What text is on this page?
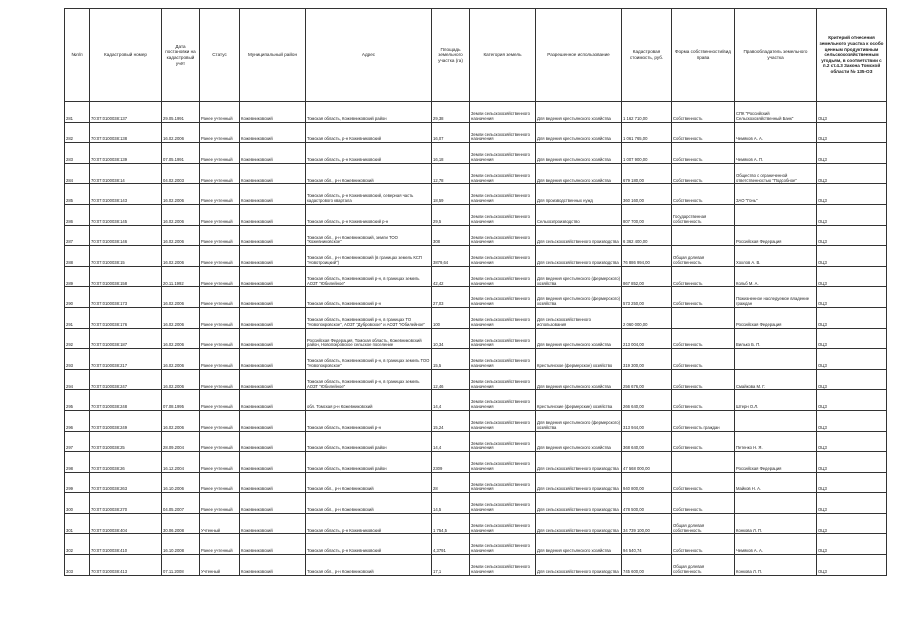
№п/п	Кадастровый номер	Дата постановки на кадастровый учёт	Статус	Муниципальный район	Адрес	Площадь земельного участка (га)	Категория земель	Разрешенное использование	Кадастровая стоимость, руб.	Форма собственности/вид права	Правообладатель земельного участка	Критерий отнесения земельного участка к особо ценным продуктивным сельскохозяйственным угодьям, в соответствии с п.2 ст.4.3 Закона Томской области № 135-ОЗ
281	70:07:0100038:137	29.05.1991	Ранее учтенный	Кожевниковский	Томская область, Кожевниковский район	29,38	Земли сельскохозяйственного назначения	Для ведения крестьянского хозяйства	1 162 710,00	Собственность	СПК "Российский Сельскохозяйственный Банк"	ОЦЗ
282	70:07:0100038:138	16.02.2006	Ранее учтенный	Кожевниковский	Томская область, р-н Кожевниковский	16,07	Земли сельскохозяйственного назначения	Для ведения крестьянского хозяйства	1 061 765,00	Собственность	Чемяков А. А.	ОЦЗ
283	70:07:0100038:139	07.05.1991	Ранее учтенный	Кожевниковский	Томская область, р-н Кожевниковский	16,18	Земли сельскохозяйственного назначения	Для ведения крестьянского хозяйства	1 007 900,00	Собственность	Чемяков А. П.	ОЦЗ
284	70:07:0100038:14	04.02.2003	Ранее учтенный	Кожевниковский	Томская обл., р-н Кожевниковский	12,78	Земли сельскохозяйственного назначения	Для ведения крестьянского хозяйства	679 180,00	Собственность	Общество с ограниченной ответственностью "Подсобное"	ОЦЗ
285	70:07:0100038:143	16.02.2006	Ранее учтенный	Кожевниковский	Томская область, р-н Кожевниковский, северная часть кадастрового квартала	18,59	Земли сельскохозяйственного назначения	Для производственных нужд	360 160,00	Собственность	ЗАО "Гонь"	ОЦЗ
286	70:07:0100038:145	16.02.2006	Ранее учтенный	Кожевниковский	Томская область, р-н Кожевниковский р-н	29,5	Земли сельскохозяйственного назначения	Сельхозпроизводство	807 700,00	Государственная собственность		ОЦЗ
287	70:07:0100038:146	16.02.2006	Ранее учтенный	Кожевниковский	Томская обл., р-н Кожевниковский, земли ТОО "Кожевниковское"	308	Земли сельскохозяйственного назначения	Для сельскохозяйственного производства	6 362 400,00		Российская Федерация	ОЦЗ
288	70:07:0100038:15	16.02.2006	Ранее учтенный	Кожевниковский	Томская обл., р-н Кожевниковский (в границах земель КСП "Новотроицкий")	3879,64	Земли сельскохозяйственного назначения	Для сельскохозяйственного производства	76 886 994,00	Общая долевая собственность	Хохлов А. В.	ОЦЗ
289	70:07:0100038:158	20.11.1992	Ранее учтенный	Кожевниковский	Томская область, Кожевниковский р-н, в границах земель АОЗТ "Юбилейное"	42,42	Земли сельскохозяйственного назначения	Для ведения крестьянского (фермерского) хозяйства	867 852,00	Собственность	Кольб М. А.	ОЦЗ
290	70:07:0100038:173	16.02.2006	Ранее учтенный	Кожевниковский	Томская область, Кожевниковский р-н	27,03	Земли сельскохозяйственного назначения	Для ведения крестьянского (фермерского) хозяйства	573 250,00	Собственность	Пожизненное наследуемое владение граждан	ОЦЗ
291	70:07:0100038:176	16.02.2006	Ранее учтенный	Кожевниковский	Томская область, Кожевниковский р-н, в границах ТО "Новопокровское", АОЗТ "Дубровское" и АОЗТ "Юбилейное"	100	Земли сельскохозяйственного назначения	Для сельскохозяйственного использования	2 060 000,00		Российская Федерация	ОЦЗ
292	70:07:0100038:187	16.02.2006	Ранее учтенный	Кожевниковский	Российская Федерация, Томская область, Кожевниковский район, Новопокровское сельское поселение	10,34	Земли сельскохозяйственного назначения	Для ведения крестьянского хозяйства	213 004,00	Собственность	Вилько Б. П.	ОЦЗ
293	70:07:0100038:217	16.02.2006	Ранее учтенный	Кожевниковский	Томская область, Кожевниковский р-н, в границах земель ТОО "Новопокровское"	15,5	Земли сельскохозяйственного назначения	Крестьянское (фермерское) хозяйство	319 300,00	Собственность		ОЦЗ
294	70:07:0100038:247	16.02.2006	Ранее учтенный	Кожевниковский	Томская область, Кожевниковский р-н, в границах земель АОЗТ "Юбилейное"	12,46	Земли сельскохозяйственного назначения	Для ведения крестьянского хозяйства	256 676,00	Собственность	Смайкова М. Г.	ОЦЗ
295	70:07:0100038:248	07.08.1995	Ранее учтенный	Кожевниковский	обл. Томская р-н Кожевниковский	14,4	Земли сельскохозяйственного назначения	Крестьянские (фермерские) хозяйства	266 640,00	Собственность	Штерн О.Л.	ОЦЗ
296	70:07:0100038:249	16.02.2006	Ранее учтенный	Кожевниковский	Томская область, Кожевниковский р-н	15,24	Земли сельскохозяйственного назначения	Для ведения крестьянского (фермерского) хозяйства	313 944,00	Собственность граждан		ОЦЗ
297	70:07:0100038:25	28.09.2004	Ранее учтенный	Кожевниковский	Томская область, Кожевниковский район	14,4	Земли сельскохозяйственного назначения	Для ведения крестьянского хозяйства	368 640,00	Собственность	Петенко Н. Я.	ОЦЗ
298	70:07:0100038:26	16.12.2004	Ранее учтенный	Кожевниковский	Томская область, Кожевниковский район	2309	Земли сельскохозяйственного назначения	Для сельскохозяйственного производства	47 568 000,00		Российская Федерация	ОЦЗ
299	70:07:0100038:263	16.10.2006	Ранее учтенный	Кожевниковский	Томская обл., р-н Кожевниковский	28	Земли сельскохозяйственного назначения	Для сельскохозяйственного производства	940 800,00	Собственность	Майков Н. А.	ОЦЗ
300	70:07:0100038:270	04.05.2007	Ранее учтенный	Кожевниковский	Томская обл., р-н Кожевниковский	14,5	Земли сельскохозяйственного назначения	Для сельскохозяйственного производства	478 500,00	Собственность		ОЦЗ
301	70:07:0100038:404	30.06.2008	Учтенный	Кожевниковский	Томская область, р-н Кожевниковский	1 754,5	Земли сельскохозяйственного назначения	Для сельскохозяйственного производства	34 739 100,00	Общая долевая собственность	Конкова Л. П.	ОЦЗ
302	70:07:0100038:410	16.10.2008	Ранее учтенный	Кожевниковский	Томская область, р-н Кожевниковский	4,3791	Земли сельскохозяйственного назначения	Для ведения крестьянского хозяйства	94 540,74	Собственность	Чемяков А. А.	ОЦЗ
303	70:07:0100038:413	07.11.2008	Учтенный	Кожевниковский	Томская обл., р-н Кожевниковский	17,1	Земли сельскохозяйственного назначения	Для сельскохозяйственного производства	745 600,00	Общая долевая собственность	Конкова Л. П.	ОЦЗ
